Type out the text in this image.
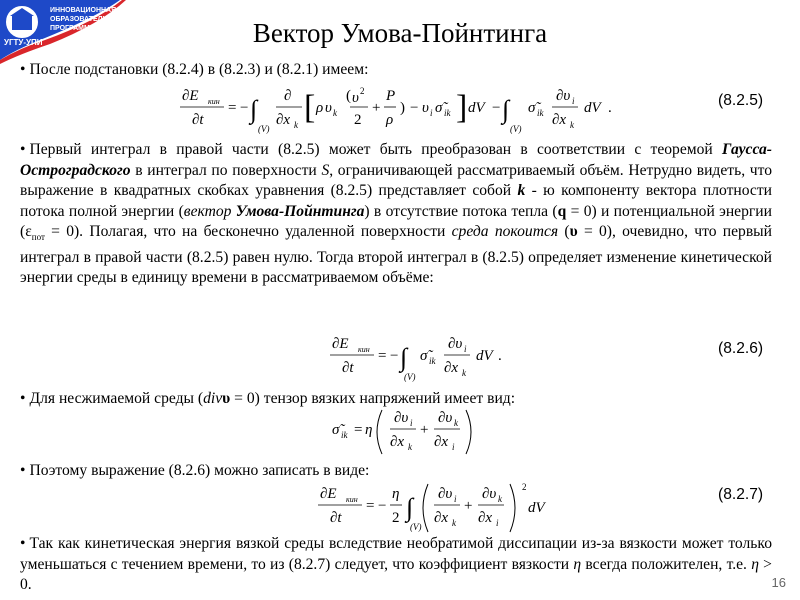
ИННОВАЦИОННАЯ
ОБРАЗОВАТЕЛЬНАЯ
ПРОГРАММА
УГТУ-УПИ	Вектор Умова-Пойнтинга
• После подстановки (8.2.4) в (8.2.3) и (8.2.1) имеем:
∂E кин
∂t
= − ∫
(V)
∂
∂x k [ ρ υ k
( υ 2
2
+
P
ρ
) − υ i σ̃ ik ] dV − ∫
(V)
σ̃ ik
∂υ i
∂x k
dV .	(8.2.5)
• Первый интеграл в правой части (8.2.5) может быть преобразован в соответствии с теоремой Гаусса-Остроградского в интеграл по поверхности S, ограничивающей рассматриваемый объём. Нетрудно видеть, что выражение в квадратных скобках уравнения (8.2.5) представляет собой k - ю компоненту вектора плотности потока полной энергии (вектор Умова-Пойнтинга) в отсутствие потока тепла (q = 0) и потенциальной энергии $(\varepsilon_{пот} = 0)$. Полагая, что на бесконечно удаленной поверхности среда покоится (υ = 0), очевидно, что первый интеграл в правой части (8.2.5) равен нулю. Тогда второй интеграл в (8.2.5) определяет изменение кинетической энергии среды в единицу времени в рассматриваемом объёме:
∂E кин
∂t
= − ∫
(V)
σ̃ ik
∂υ i
∂x k
dV .	(8.2.6)
• Для несжимаемой среды (divυ = 0) тензор вязких напряжений имеет вид:
σ̃ ik = η
∂υ i
∂x k
+
∂υ k
∂x i
• Поэтому выражение (8.2.6) можно записать в виде:
∂E кин
∂t
= −
η
2 ∫
(V)
∂υ i
∂x k
+
∂υ k
∂x i
2
dV
(8.2.7)
• Так как кинетическая энергия вязкой среды вследствие необратимой диссипации из-за вязкости может только уменьшаться с течением времени, то из (8.2.7) следует, что коэффициент вязкости η всегда положителен, т.е. η > 0.	16
